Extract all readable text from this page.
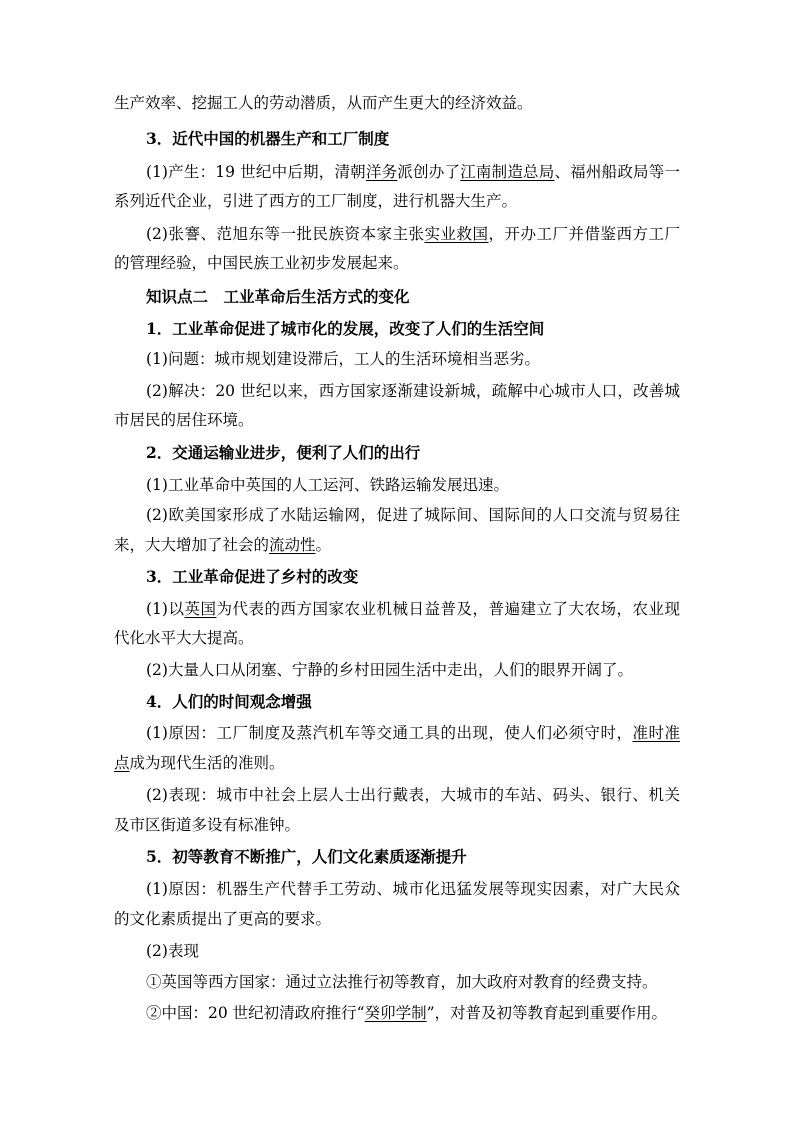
生产效率、挖掘工人的劳动潜质，从而产生更大的经济效益。
3．近代中国的机器生产和工厂制度
(1)产生：19 世纪中后期，清朝洋务派创办了江南制造总局、福州船政局等一
系列近代企业，引进了西方的工厂制度，进行机器大生产。
(2)张謇、范旭东等一批民族资本家主张实业救国，开办工厂并借鉴西方工厂
的管理经验，中国民族工业初步发展起来。
知识点二　工业革命后生活方式的变化
1．工业革命促进了城市化的发展，改变了人们的生活空间
(1)问题：城市规划建设滞后，工人的生活环境相当恶劣。
(2)解决：20 世纪以来，西方国家逐渐建设新城，疏解中心城市人口，改善城
市居民的居住环境。
2．交通运输业进步，便利了人们的出行
(1)工业革命中英国的人工运河、铁路运输发展迅速。
(2)欧美国家形成了水陆运输网，促进了城际间、国际间的人口交流与贸易往
来，大大增加了社会的流动性。
3．工业革命促进了乡村的改变
(1)以英国为代表的西方国家农业机械日益普及，普遍建立了大农场，农业现
代化水平大大提高。
(2)大量人口从闭塞、宁静的乡村田园生活中走出，人们的眼界开阔了。
4．人们的时间观念增强
(1)原因：工厂制度及蒸汽机车等交通工具的出现，使人们必须守时，准时准
点成为现代生活的准则。
(2)表现：城市中社会上层人士出行戴表，大城市的车站、码头、银行、机关
及市区街道多设有标准钟。
5．初等教育不断推广，人们文化素质逐渐提升
(1)原因：机器生产代替手工劳动、城市化迅猛发展等现实因素，对广大民众
的文化素质提出了更高的要求。
(2)表现
①英国等西方国家：通过立法推行初等教育，加大政府对教育的经费支持。
②中国：20 世纪初清政府推行“癸卯学制”，对普及初等教育起到重要作用。
